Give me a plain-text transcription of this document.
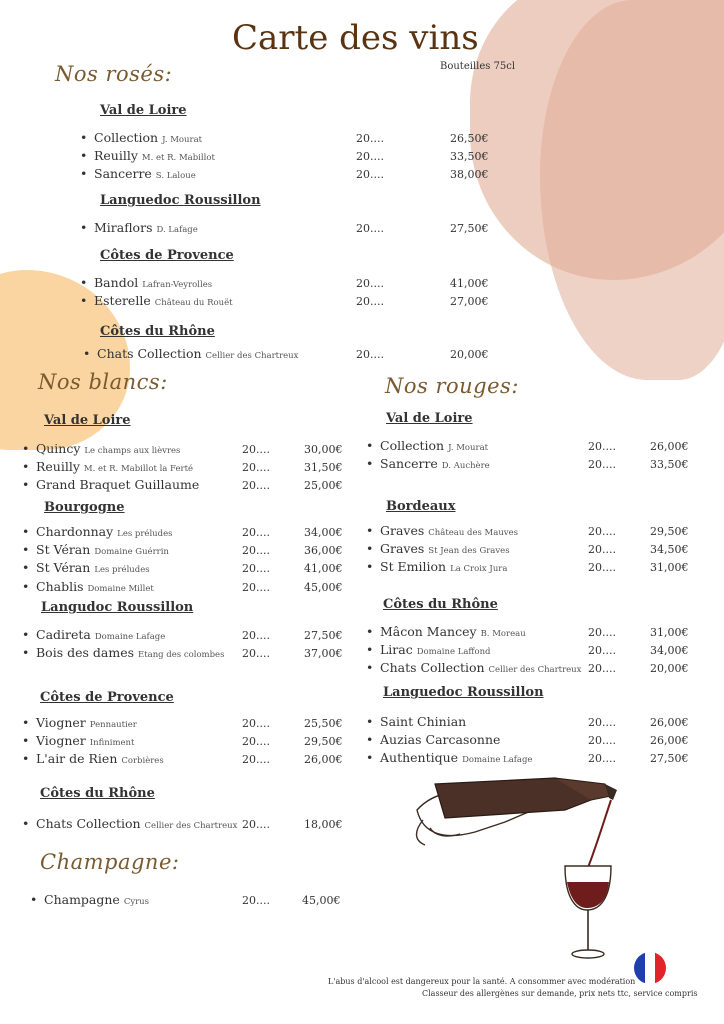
Carte des vins
Bouteilles 75cl
Nos rosés:
Val de Loire
• Collection J. Mourat	20....	26,50€
• Reuilly M. et R. Mabillot	20....	33,50€
• Sancerre S. Laloue	20....	38,00€
Languedoc Roussillon
• Miraflors D. Lafage	20....	27,50€
Côtes de Provence
• Bandol Lafran-Veyrolles	20....	41,00€
• Esterelle Château du Rouët	20....	27,00€
Côtes du Rhône
• Chats Collection Cellier des Chartreux	20....	20,00€
Nos blancs:
Val de Loire
• Quincy Le champs aux lièvres	20....	30,00€
• Reuilly M. et R. Mabillot la Ferté	20....	31,50€
• Grand Braquet Guillaume	20....	25,00€
Bourgogne
• Chardonnay Les préludes	20....	34,00€
• St Véran Domaine Guérrin	20....	36,00€
• St Véran Les préludes	20....	41,00€
• Chablis Domaine Millet	20....	45,00€
Langudoc Roussillon
• Cadireta Domaine Lafage	20....	27,50€
• Bois des dames Etang des colombes 20....	37,00€
Côtes de Provence
• Viogner Pennautier	20....	25,50€
• Viogner Infiniment	20....	29,50€
• L'air de Rien Corbières	20....	26,00€
Côtes du Rhône
• Chats Collection Cellier des Chartreux 20....	18,00€
Nos rouges:
Val de Loire
• Collection J. Mourat	20....	26,00€
• Sancerre D. Auchère	20....	33,50€
Bordeaux
• Graves Château des Mauves	20....	29,50€
• Graves St Jean des Graves	20....	34,50€
• St Emilion La Croix Jura	20....	31,00€
Côtes du Rhône
• Mâcon Mancey B. Moreau	20....	31,00€
• Lirac Domaine Laffond	20....	34,00€
• Chats Collection Cellier des Chartreux 20....	20,00€
Languedoc Roussillon
• Saint Chinian	20....	26,00€
• Auzias Carcasonne	20....	26,00€
• Authentique Domaine Lafage	20....	27,50€
Champagne:
• Champagne Cyrus	20....	45,00€
L'abus d'alcool est dangereux pour la santé. A consommer avec modération
Classeur des allergènes sur demande, prix nets ttc, service compris
